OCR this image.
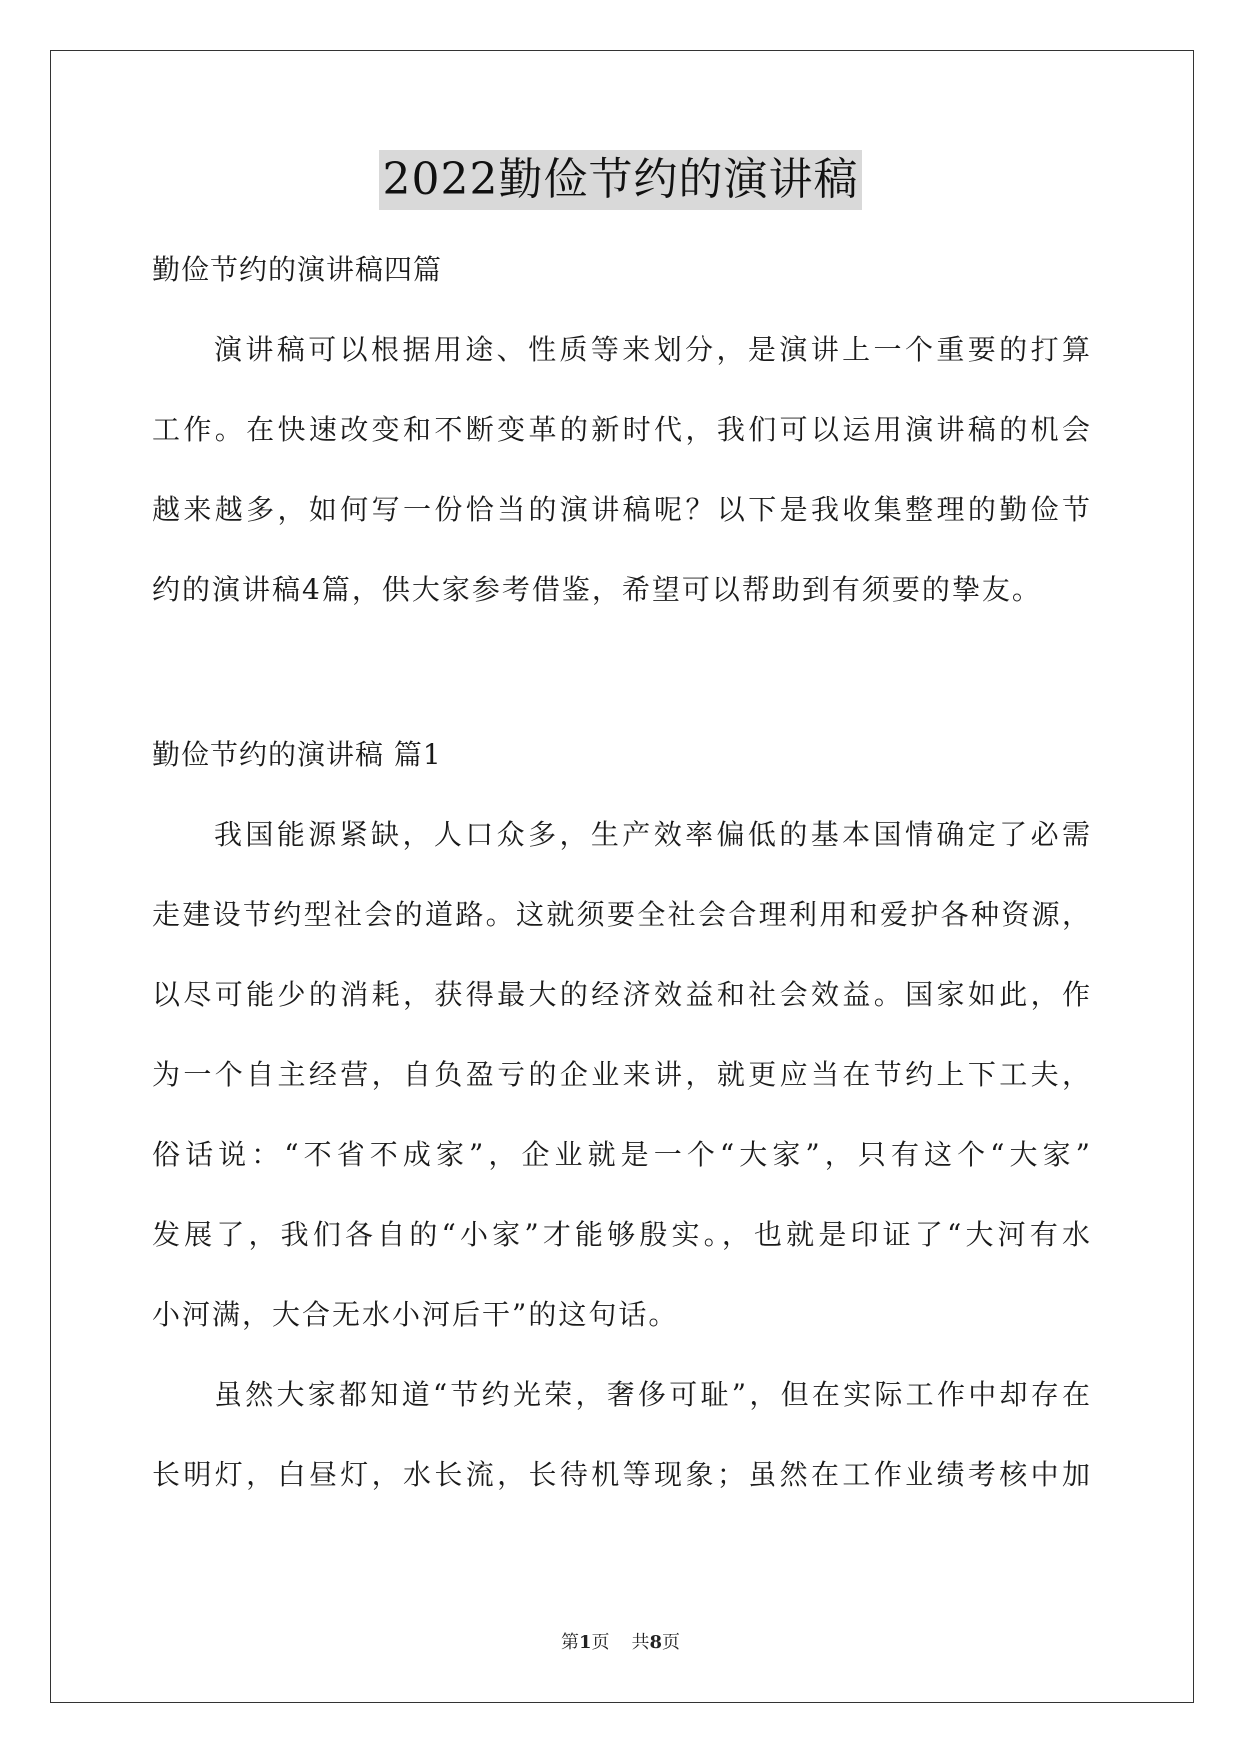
2022勤俭节约的演讲稿
勤俭节约的演讲稿四篇
演讲稿可以根据用途、性质等来划分，是演讲上一个重要的打算
工作。在快速改变和不断变革的新时代，我们可以运用演讲稿的机会
越来越多，如何写一份恰当的演讲稿呢？以下是我收集整理的勤俭节
约的演讲稿4篇，供大家参考借鉴，希望可以帮助到有须要的挚友。
勤俭节约的演讲稿 篇1
我国能源紧缺，人口众多，生产效率偏低的基本国情确定了必需
走建设节约型社会的道路。这就须要全社会合理利用和爱护各种资源，
以尽可能少的消耗，获得最大的经济效益和社会效益。国家如此，作
为一个自主经营，自负盈亏的企业来讲，就更应当在节约上下工夫，
俗话说：“不省不成家”，企业就是一个“大家”，只有这个“大家”
发展了，我们各自的“小家”才能够殷实。，也就是印证了“大河有水
小河满，大合无水小河后干”的这句话。
虽然大家都知道“节约光荣，奢侈可耻”，但在实际工作中却存在
长明灯，白昼灯，水长流，长待机等现象；虽然在工作业绩考核中加
第1页 共8页
